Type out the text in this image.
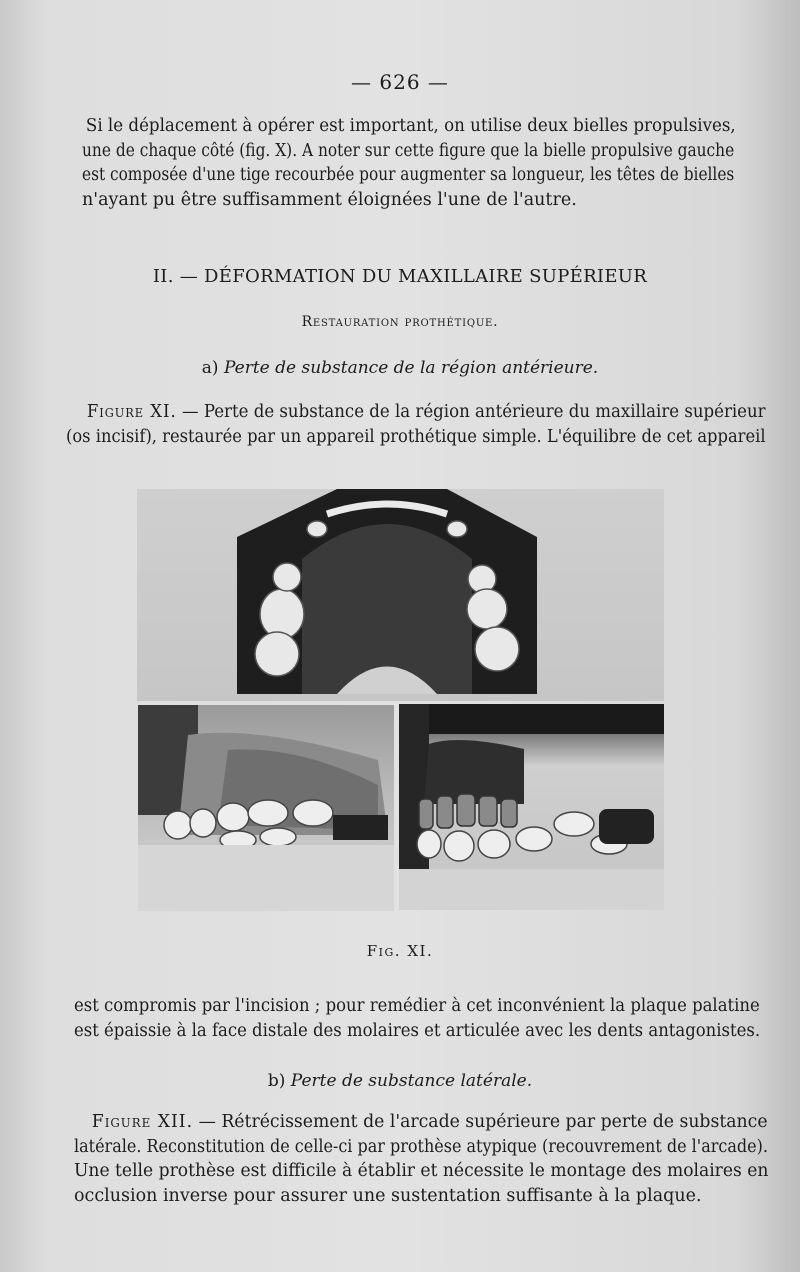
— 626 —
Si le déplacement à opérer est important, on utilise deux bielles propulsives,
une de chaque côté (fig. X). A noter sur cette figure que la bielle propulsive gauche
est composée d'une tige recourbée pour augmenter sa longueur, les têtes de bielles
n'ayant pu être suffisamment éloignées l'une de l'autre.
II. — DÉFORMATION DU MAXILLAIRE SUPÉRIEUR
Restauration prothétique.
a) Perte de substance de la région antérieure.
Figure XI. — Perte de substance de la région antérieure du maxillaire supérieur
(os incisif), restaurée par un appareil prothétique simple. L'équilibre de cet appareil
Fig. XI.
est compromis par l'incision ; pour remédier à cet inconvénient la plaque palatine
est épaissie à la face distale des molaires et articulée avec les dents antagonistes.
b) Perte de substance latérale.
Figure XII. — Rétrécissement de l'arcade supérieure par perte de substance
latérale. Reconstitution de celle-ci par prothèse atypique (recouvrement de l'arcade).
Une telle prothèse est difficile à établir et nécessite le montage des molaires en
occlusion inverse pour assurer une sustentation suffisante à la plaque.
